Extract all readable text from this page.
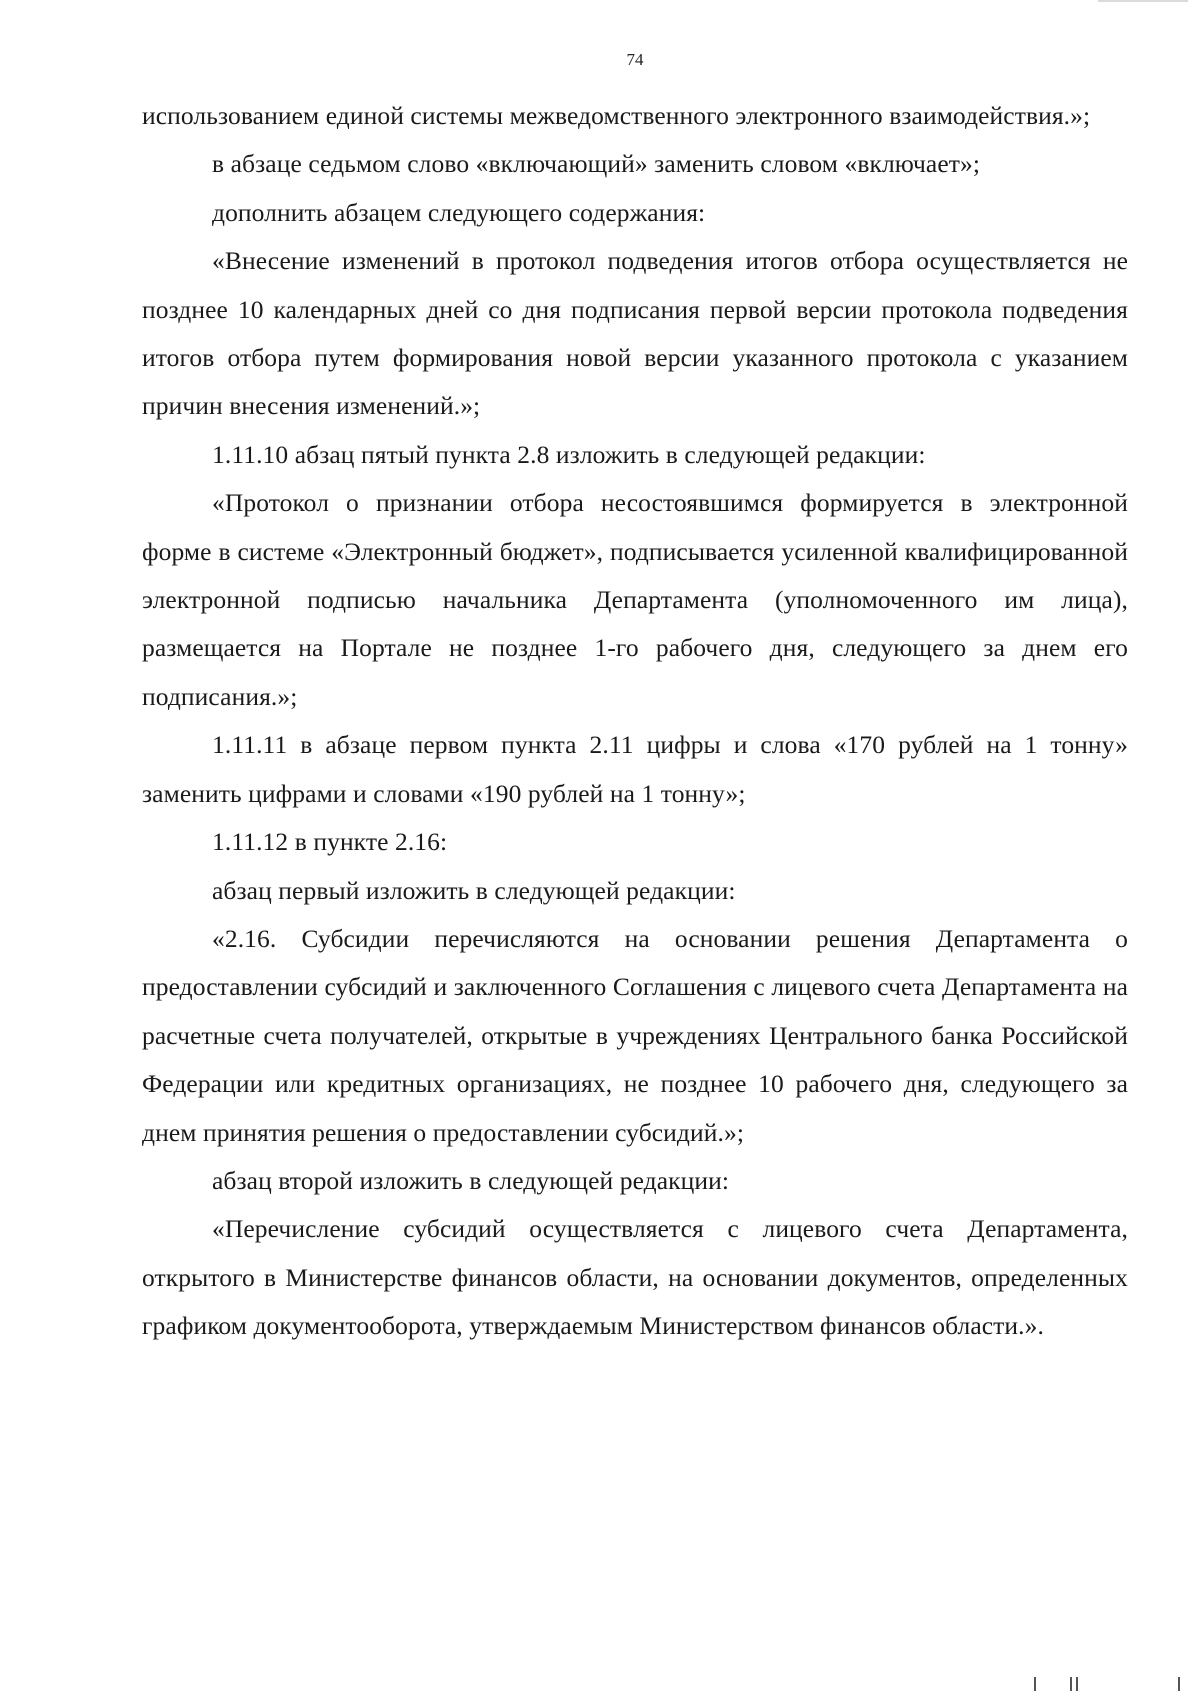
74

использованием единой системы межведомственного электронного взаимодействия.»;

в абзаце седьмом слово «включающий» заменить словом «включает»;

дополнить абзацем следующего содержания:

«Внесение изменений в протокол подведения итогов отбора осуществляется не позднее 10 календарных дней со дня подписания первой версии протокола подведения итогов отбора путем формирования новой версии указанного протокола с указанием причин внесения изменений.»;

1.11.10 абзац пятый пункта 2.8 изложить в следующей редакции:

«Протокол о признании отбора несостоявшимся формируется в электронной форме в системе «Электронный бюджет», подписывается усиленной квалифицированной электронной подписью начальника Департамента (уполномоченного им лица), размещается на Портале не позднее 1-го рабочего дня, следующего за днем его подписания.»;

1.11.11 в абзаце первом пункта 2.11 цифры и слова «170 рублей на 1 тонну» заменить цифрами и словами «190 рублей на 1 тонну»;

1.11.12 в пункте 2.16:

абзац первый изложить в следующей редакции:

«2.16. Субсидии перечисляются на основании решения Департамента о предоставлении субсидий и заключенного Соглашения с лицевого счета Департамента на расчетные счета получателей, открытые в учреждениях Центрального банка Российской Федерации или кредитных организациях, не позднее 10 рабочего дня, следующего за днем принятия решения о предоставлении субсидий.»;

абзац второй изложить в следующей редакции:

«Перечисление субсидий осуществляется с лицевого счета Департамента, открытого в Министерстве финансов области, на основании документов, определенных графиком документооборота, утверждаемым Министерством финансов области.».
